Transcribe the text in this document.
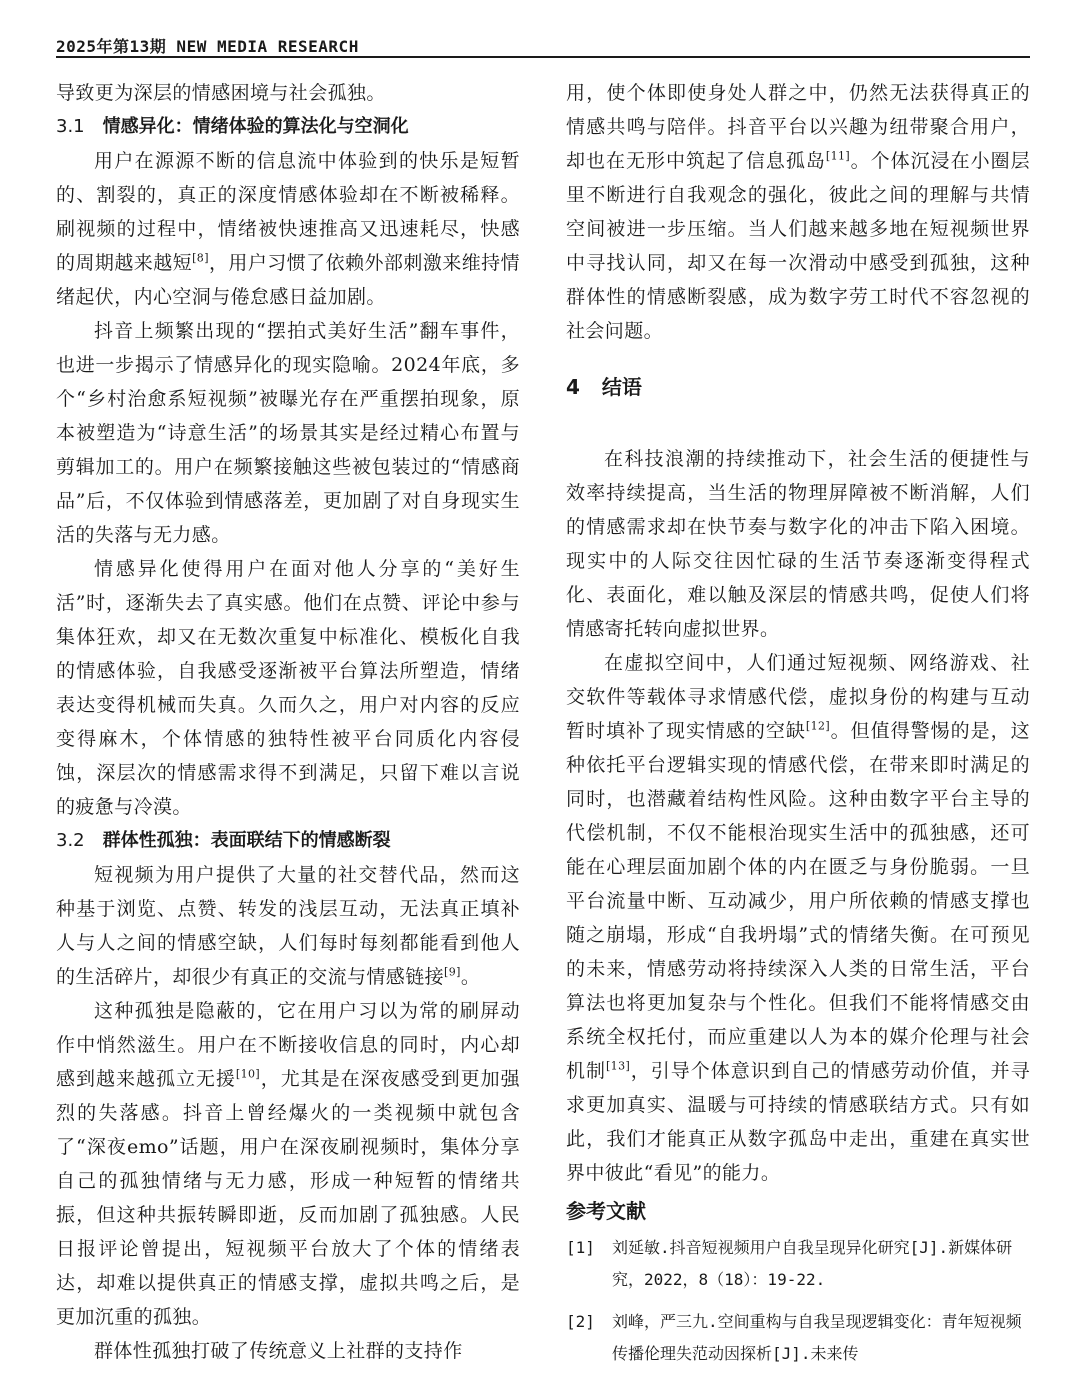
2025年第13期 NEW MEDIA RESEARCH

导致更为深层的情感困境与社会孤独。

3.1 情感异化：情绪体验的算法化与空洞化

用户在源源不断的信息流中体验到的快乐是短暂的、割裂的，真正的深度情感体验却在不断被稀释。刷视频的过程中，情绪被快速推高又迅速耗尽，快感的周期越来越短[8]，用户习惯了依赖外部刺激来维持情绪起伏，内心空洞与倦怠感日益加剧。

抖音上频繁出现的“摆拍式美好生活”翻车事件，也进一步揭示了情感异化的现实隐喻。2024年底，多个“乡村治愈系短视频”被曝光存在严重摆拍现象，原本被塑造为“诗意生活”的场景其实是经过精心布置与剪辑加工的。用户在频繁接触这些被包装过的“情感商品”后，不仅体验到情感落差，更加剧了对自身现实生活的失落与无力感。

情感异化使得用户在面对他人分享的“美好生活”时，逐渐失去了真实感。他们在点赞、评论中参与集体狂欢，却又在无数次重复中标准化、模板化自我的情感体验，自我感受逐渐被平台算法所塑造，情绪表达变得机械而失真。久而久之，用户对内容的反应变得麻木，个体情感的独特性被平台同质化内容侵蚀，深层次的情感需求得不到满足，只留下难以言说的疲惫与冷漠。

3.2 群体性孤独：表面联结下的情感断裂

短视频为用户提供了大量的社交替代品，然而这种基于浏览、点赞、转发的浅层互动，无法真正填补人与人之间的情感空缺，人们每时每刻都能看到他人的生活碎片，却很少有真正的交流与情感链接[9]。

这种孤独是隐蔽的，它在用户习以为常的刷屏动作中悄然滋生。用户在不断接收信息的同时，内心却感到越来越孤立无援[10]，尤其是在深夜感受到更加强烈的失落感。抖音上曾经爆火的一类视频中就包含了“深夜emo”话题，用户在深夜刷视频时，集体分享自己的孤独情绪与无力感，形成一种短暂的情绪共振，但这种共振转瞬即逝，反而加剧了孤独感。人民日报评论曾提出，短视频平台放大了个体的情绪表达，却难以提供真正的情感支撑，虚拟共鸣之后，是更加沉重的孤独。

群体性孤独打破了传统意义上社群的支持作

用，使个体即使身处人群之中，仍然无法获得真正的情感共鸣与陪伴。抖音平台以兴趣为纽带聚合用户，却也在无形中筑起了信息孤岛[11]。个体沉浸在小圈层里不断进行自我观念的强化，彼此之间的理解与共情空间被进一步压缩。当人们越来越多地在短视频世界中寻找认同，却又在每一次滑动中感受到孤独，这种群体性的情感断裂感，成为数字劳工时代不容忽视的社会问题。

4 结语

在科技浪潮的持续推动下，社会生活的便捷性与效率持续提高，当生活的物理屏障被不断消解，人们的情感需求却在快节奏与数字化的冲击下陷入困境。现实中的人际交往因忙碌的生活节奏逐渐变得程式化、表面化，难以触及深层的情感共鸣，促使人们将情感寄托转向虚拟世界。

在虚拟空间中，人们通过短视频、网络游戏、社交软件等载体寻求情感代偿，虚拟身份的构建与互动暂时填补了现实情感的空缺[12]。但值得警惕的是，这种依托平台逻辑实现的情感代偿，在带来即时满足的同时，也潜藏着结构性风险。这种由数字平台主导的代偿机制，不仅不能根治现实生活中的孤独感，还可能在心理层面加剧个体的内在匮乏与身份脆弱。一旦平台流量中断、互动减少，用户所依赖的情感支撑也随之崩塌，形成“自我坍塌”式的情绪失衡。在可预见的未来，情感劳动将持续深入人类的日常生活，平台算法也将更加复杂与个性化。但我们不能将情感交由系统全权托付，而应重建以人为本的媒介伦理与社会机制[13]，引导个体意识到自己的情感劳动价值，并寻求更加真实、温暖与可持续的情感联结方式。只有如此，我们才能真正从数字孤岛中走出，重建在真实世界中彼此“看见”的能力。

参考文献
[1]	刘延敏.抖音短视频用户自我呈现异化研究[J].新媒体研究，2022，8（18）：19-22.
[2]	刘峰，严三九.空间重构与自我呈现逻辑变化：青年短视频传播伦理失范动因探析[J].未来传
